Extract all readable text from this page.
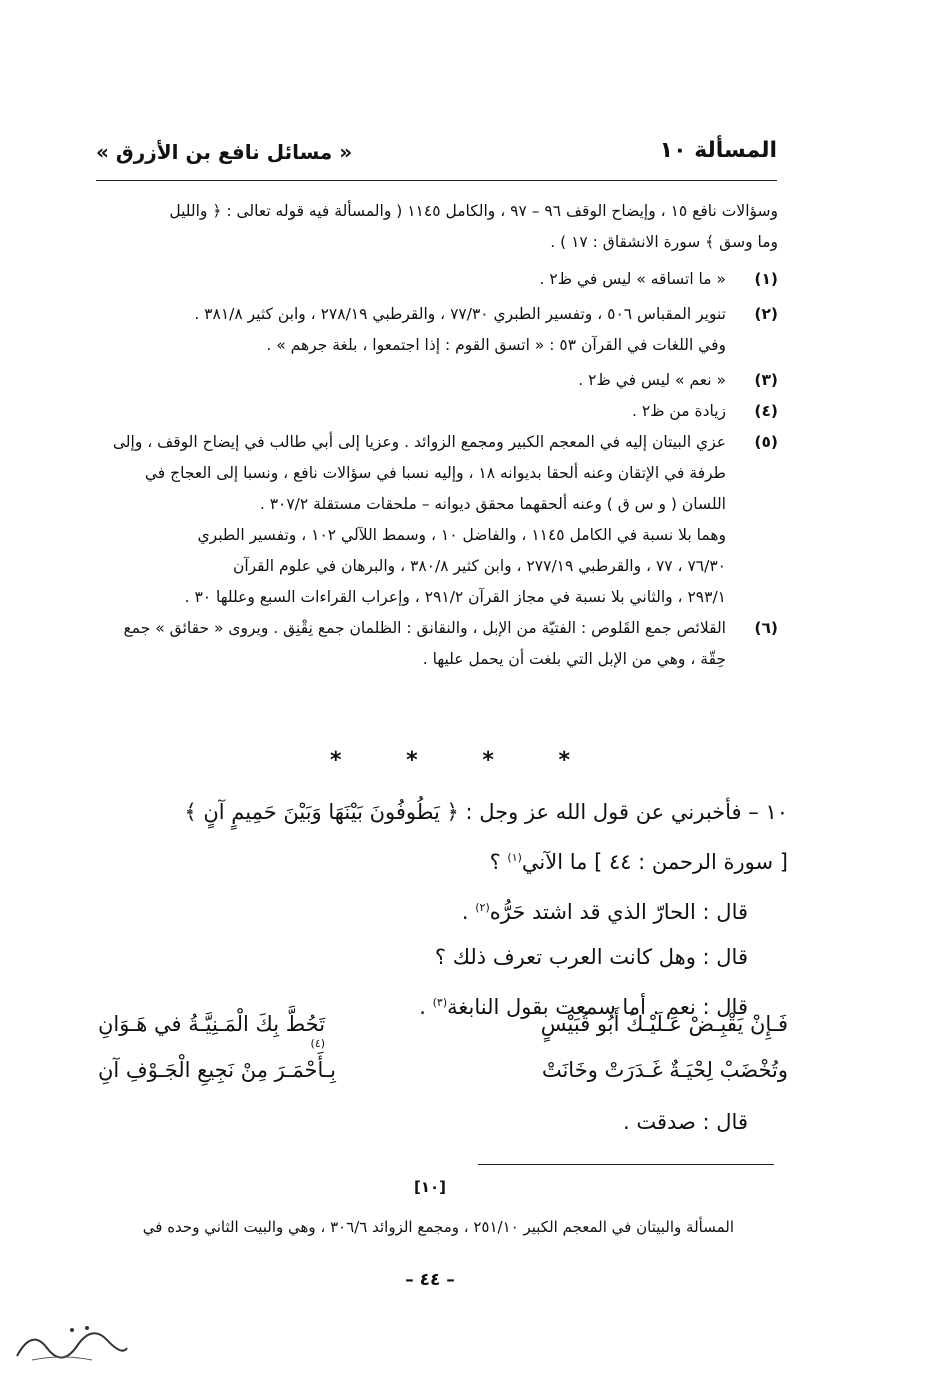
المسألة ١٠
« مسائل نافع بن الأزرق »
وسؤالات نافع ١٥ ، وإيضاح الوقف ٩٦ – ٩٧ ، والكامل ١١٤٥ ( والمسألة فيه قوله تعالى : ﴿ والليل
وما وسق ﴾ سورة الانشقاق : ١٧ ) .
(١)
« ما اتساقه » ليس في ظ٢ .
(٢)
تنوير المقباس ٥٠٦ ، وتفسير الطبري ٧٧/٣٠ ، والقرطبي ٢٧٨/١٩ ، وابن كثير ٣٨١/٨ .
وفي اللغات في القرآن ٥٣ : « اتسق القوم : إذا اجتمعوا ، بلغة جرهم » .
(٣)
« نعم » ليس في ظ٢ .
(٤)
زيادة من ظ٢ .
(٥)
عزي البيتان إليه في المعجم الكبير ومجمع الزوائد . وعزيا إلى أبي طالب في إيضاح الوقف ، وإلى
طرفة في الإتقان وعنه ألحقا بديوانه ١٨ ، وإليه نسبا في سؤالات نافع ، ونسبا إلى العجاج في
اللسان ( و س ق ) وعنه ألحقهما محقق ديوانه – ملحقات مستقلة ٣٠٧/٢ .
وهما بلا نسبة في الكامل ١١٤٥ ، والفاضل ١٠ ، وسمط اللآلي ١٠٢ ، وتفسير الطبري
٧٦/٣٠ ، ٧٧ ، والقرطبي ٢٧٧/١٩ ، وابن كثير ٣٨٠/٨ ، والبرهان في علوم القرآن
٢٩٣/١ ، والثاني بلا نسبة في مجاز القرآن ٢٩١/٢ ، وإعراب القراءات السبع وعللها ٣٠ .
(٦)
القلائص جمع القَلوص : الفتيّة من الإبل ، والنقانق : الظلمان جمع نِقْنِق . ويروى « حقائق » جمع
حِقّة ، وهي من الإبل التي بلغت أن يحمل عليها .
*	*	*	*

١٠ – فأخبرني عن قول الله عز وجل : ﴿ يَطُوفُونَ بَيْنَهَا وَبَيْنَ حَمِيمٍ آنٍ ﴾

[ سورة الرحمن : ٤٤ ] ما الآني$^{(١)}$ ؟

قال : الحارّ الذي قد اشتد حَرُّه$^{(٢)}$ .

قال : وهل كانت العرب تعرف ذلك ؟

قال : نعم . أما سمعت بقول النابغة$^{(٣)}$ .

فَـإِنْ يَقْبِـضْ عَـلَيْـكَ أَبُو قُبَيْسٍ
تَحُطَّ بِكَ الْمَـنِيَّـةُ في هَـوَانِ
$^{(٤)}$
وتُخْضَبْ لِحْيَـةٌ غَـدَرَتْ وخَانَتْ
بِـأَحْمَـرَ مِنْ نَجِيعِ الْجَـوْفِ آنِ

قال : صدقت .

[١٠]
المسألة والبيتان في المعجم الكبير ٢٥١/١٠ ، ومجمع الزوائد ٣٠٦/٦ ، وهي والبيت الثاني وحده في
– ٤٤ –
